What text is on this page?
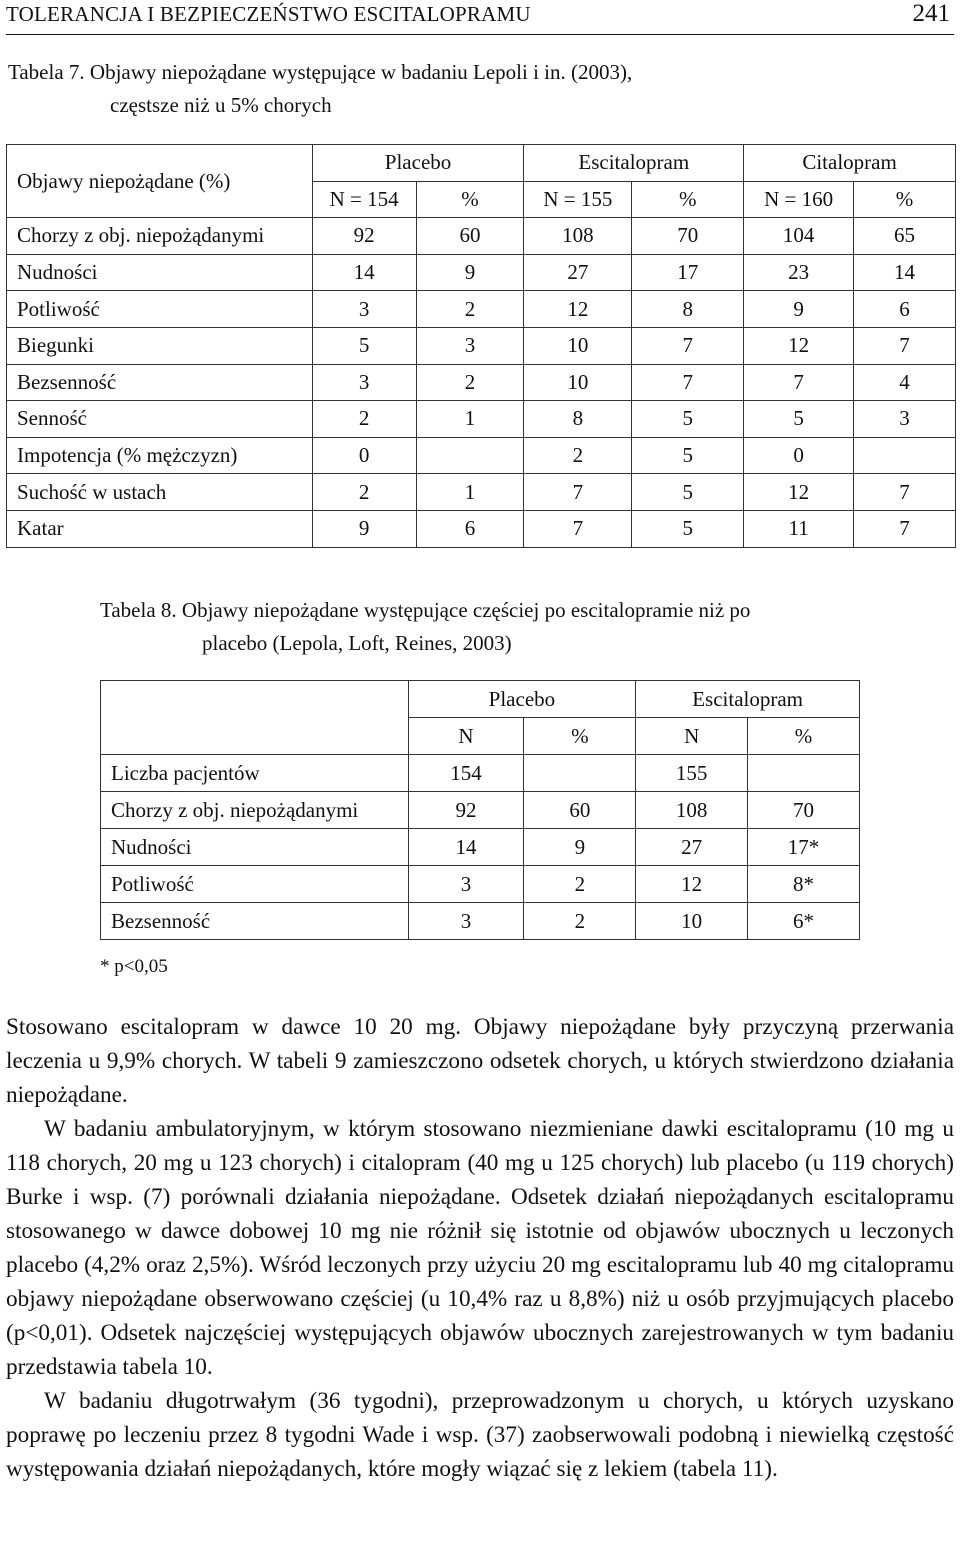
TOLERANCJA I BEZPIECZEŃSTWO ESCITALOPRAMU	241
Tabela 7. Objawy niepożądane występujące w badaniu Lepoli i in. (2003),
częstsze niż u 5% chorych
Objawy niepożądane (%)	Placebo		Escitalopram		Citalopram	
	N = 154	%	N = 155	%	N = 160	%
Chorzy z obj. niepożądanymi	92	60	108	70	104	65
Nudności	14	9	27	17	23	14
Potliwość	3	2	12	8	9	6
Biegunki	5	3	10	7	12	7
Bezsenność	3	2	10	7	7	4
Senność	2	1	8	5	5	3
Impotencja (% mężczyzn)	0		2	5	0	
Suchość w ustach	2	1	7	5	12	7
Katar	9	6	7	5	11	7
Tabela 8. Objawy niepożądane występujące częściej po escitalopramie niż po
placebo (Lepola, Loft, Reines, 2003)
	Placebo		Escitalopram	
	N	%	N	%
Liczba pacjentów	154		155	
Chorzy z obj. niepożądanymi	92	60	108	70
Nudności	14	9	27	17*
Potliwość	3	2	12	8*
Bezsenność	3	2	10	6*
* p<0,05

Stosowano escitalopram w dawce 10 20 mg. Objawy niepożądane były przyczyną przerwania leczenia u 9,9% chorych. W tabeli 9 zamieszczono odsetek chorych, u których stwierdzono działania niepożądane.

W badaniu ambulatoryjnym, w którym stosowano niezmieniane dawki escitalopramu (10 mg u 118 chorych, 20 mg u 123 chorych) i citalopram (40 mg u 125 chorych) lub placebo (u 119 chorych) Burke i wsp. (7) porównali działania niepożądane. Odsetek działań niepożądanych escitalopramu stosowanego w dawce dobowej 10 mg nie różnił się istotnie od objawów ubocznych u leczonych placebo (4,2% oraz 2,5%). Wśród leczonych przy użyciu 20 mg escitalopramu lub 40 mg citalopramu objawy niepożądane obserwowano częściej (u 10,4% raz u 8,8%) niż u osób przyjmujących placebo (p<0,01). Odsetek najczęściej występujących objawów ubocznych zarejestrowanych w tym badaniu przedstawia tabela 10.

W badaniu długotrwałym (36 tygodni), przeprowadzonym u chorych, u których uzyskano poprawę po leczeniu przez 8 tygodni Wade i wsp. (37) zaobserwowali podobną i niewielką częstość występowania działań niepożądanych, które mogły wiązać się z lekiem (tabela 11).
